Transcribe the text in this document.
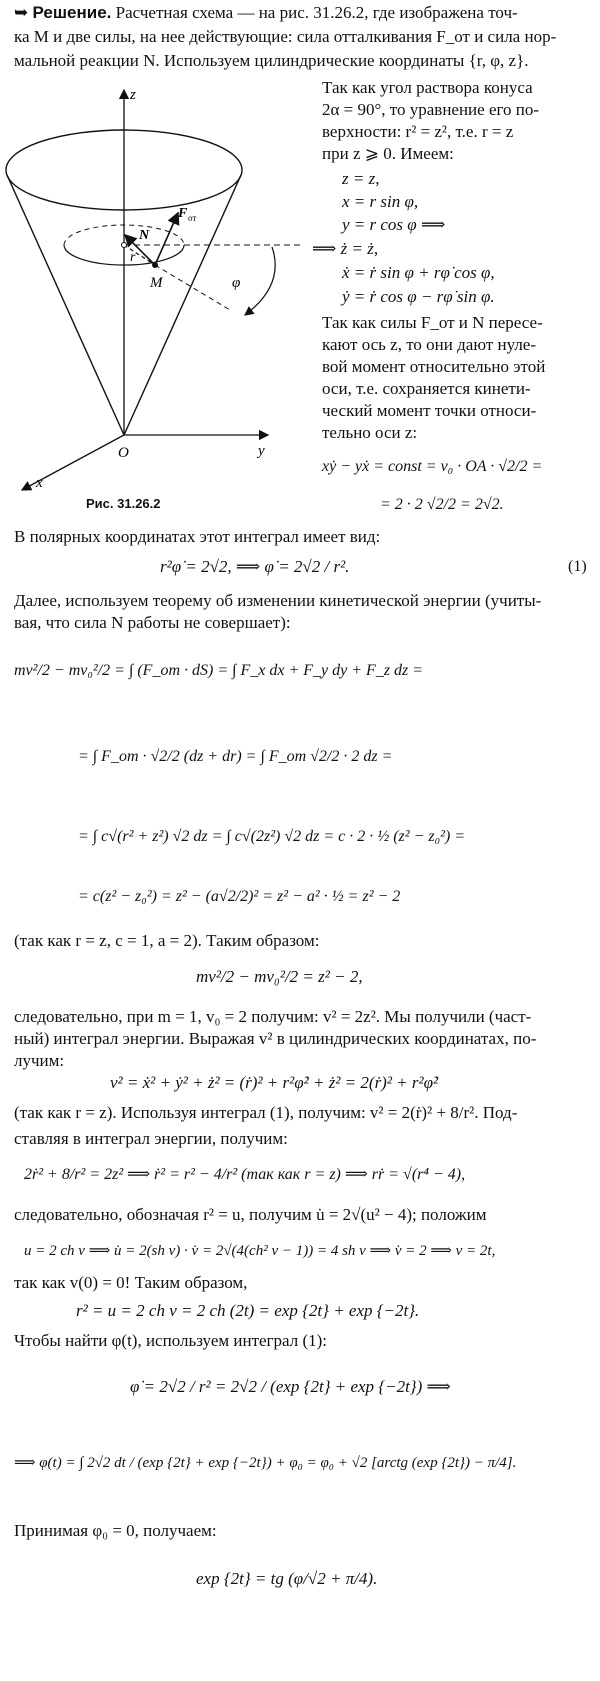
➥ Решение. Расчетная схема — на рис. 31.26.2, где изображена точ-
ка M и две силы, на нее действующие: сила отталкивания F_от и сила нор-
мальной реакции N. Используем цилиндрические координаты {r, φ, z}.
z
y
x
O
M
N
F от
r
φ
Рис. 31.26.2
Так как угол раствора конуса
2α = 90°, то уравнение его по-
верхности: r² = z², т.е. r = z
при z ⩾ 0. Имеем:
z = z,
x = r sin φ,
y = r cos φ ⟹
⟹ ż = ż,
ẋ = ṙ sin φ + rφ̇ cos φ,
ẏ = ṙ cos φ − rφ̇ sin φ.
Так как силы F_от и N пересе-
кают ось z, то они дают нуле-
вой момент относительно этой
оси, т.е. сохраняется кинети-
ческий момент точки относи-
тельно оси z:
xẏ − yẋ = const = v₀ · OA · √2/2 =
= 2 · 2 √2/2 = 2√2.
В полярных координатах этот интеграл имеет вид:
r²φ̇ = 2√2, ⟹ φ̇ = 2√2 / r².	(1)
Далее, используем теорему об изменении кинетической энергии (учиты-
вая, что сила N работы не совершает):
mv²/2 − mv₀²/2 = ∫ (F_от · dS) = ∫ F_x dx + F_y dy + F_z dz =
= ∫ F_от · √2/2 (dz + dr) = ∫ F_от √2/2 · 2 dz =
= ∫ c√(r² + z²) √2 dz = ∫ c√(2z²) √2 dz = c · 2 · ½ (z² − z₀²) =
= c(z² − z₀²) = z² − (a√2/2)² = z² − a² · ½ = z² − 2
(так как r = z, c = 1, a = 2). Таким образом:
mv²/2 − mv₀²/2 = z² − 2,
следовательно, при m = 1, v₀ = 2 получим: v² = 2z². Мы получили (част-
ный) интеграл энергии. Выражая v² в цилиндрических координатах, по-
лучим:
v² = ẋ² + ẏ² + ż² = (ṙ)² + r²φ̇² + ż² = 2(ṙ)² + r²φ̇²
(так как r = z). Используя интеграл (1), получим: v² = 2(ṙ)² + 8/r². Под-
ставляя в интеграл энергии, получим:
2ṙ² + 8/r² = 2z² ⟹ ṙ² = r² − 4/r² (так как r = z) ⟹ rṙ = √(r⁴ − 4),
следовательно, обозначая r² = u, получим u̇ = 2√(u² − 4); положим
u = 2 ch v ⟹ u̇ = 2(sh v) · v̇ = 2√(4(ch² v − 1)) = 4 sh v ⟹ v̇ = 2 ⟹ v = 2t,
так как v(0) = 0! Таким образом,
r² = u = 2 ch v = 2 ch (2t) = exp {2t} + exp {−2t}.
Чтобы найти φ(t), используем интеграл (1):
φ̇ = 2√2 / r² = 2√2 / (exp {2t} + exp {−2t}) ⟹
⟹ φ(t) = ∫ 2√2 dt / (exp {2t} + exp {−2t}) + φ₀ = φ₀ + √2 [arctg (exp {2t}) − π/4].
Принимая φ₀ = 0, получаем:
exp {2t} = tg (φ/√2 + π/4).
